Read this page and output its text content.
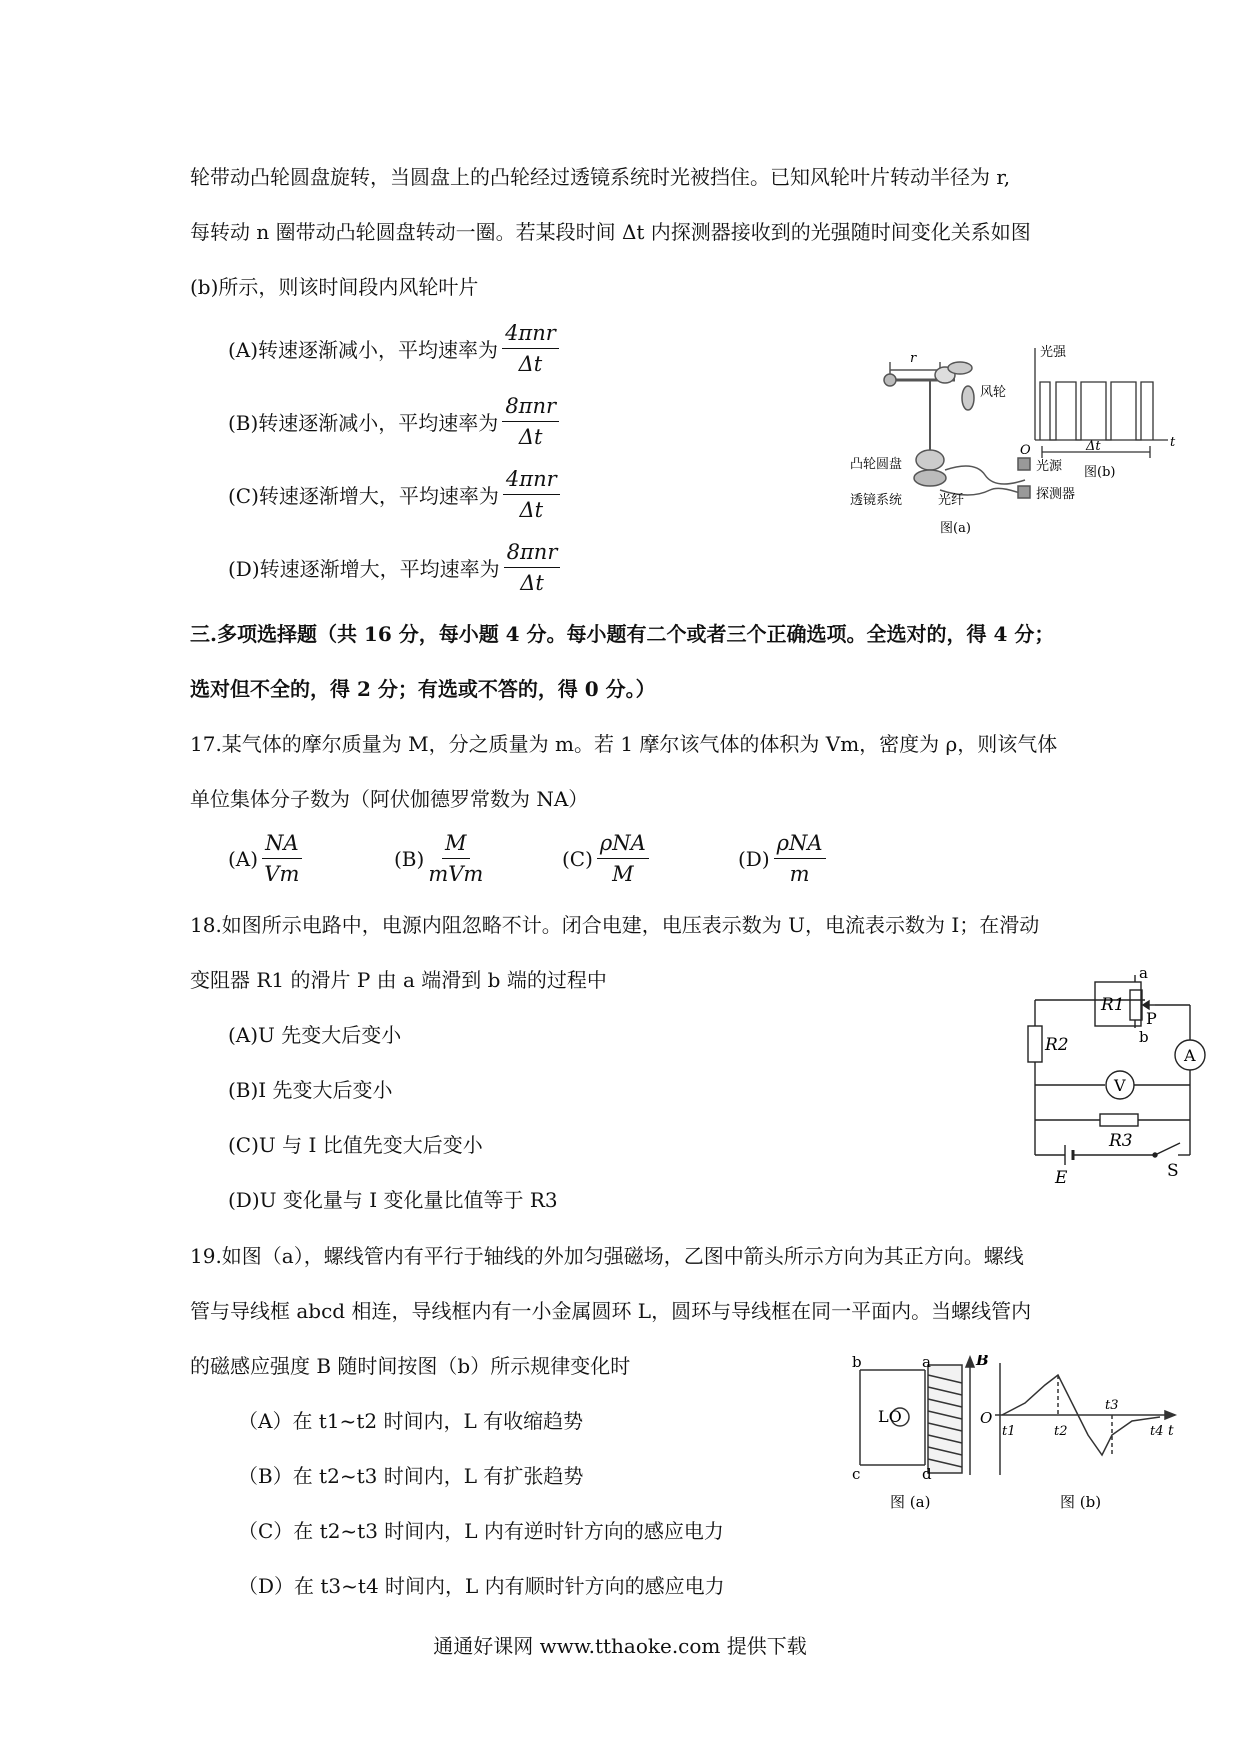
轮带动凸轮圆盘旋转，当圆盘上的凸轮经过透镜系统时光被挡住。已知风轮叶片转动半径为 r,
每转动 n 圈带动凸轮圆盘转动一圈。若某段时间 Δt 内探测器接收到的光强随时间变化关系如图
(b)所示，则该时间段内风轮叶片
(A)转速逐渐减小，平均速率为 $\frac{\text{4πnr}}{\Delta t}$
(B)转速逐渐减小，平均速率为 $\frac{\text{8πnr}}{\Delta t}$
(C)转速逐渐增大，平均速率为 $\frac{\text{4πnr}}{\Delta t}$
(D)转速逐渐增大，平均速率为 $\frac{\text{8πnr}}{\Delta t}$
r
风轮
凸轮圆盘	光源
探测器
透镜系统	光纤
图(a)
光强
O	Δt	t
图(b)
三.多项选择题（共 16 分，每小题 4 分。每小题有二个或者三个正确选项。全选对的，得 4 分；
选对但不全的，得 2 分；有选或不答的，得 0 分。）
17.某气体的摩尔质量为 M，分之质量为 m。若 1 摩尔该气体的体积为 Vm，密度为 ρ，则该气体
单位集体分子数为（阿伏伽德罗常数为 NA）
$(A) \frac{NA}{Vm}$	$(B) \frac{M}{\text{mVm}}$	$(C) \frac{\text{ρNA}}{M}$	$(D) \frac{\text{ρNA}}{m}$
18.如图所示电路中，电源内阻忽略不计。闭合电建，电压表示数为 U，电流表示数为 I；在滑动
变阻器 R1 的滑片 P 由 a 端滑到 b 端的过程中
(A)U 先变大后变小
(B)I 先变大后变小
(C)U 与 I 比值先变大后变小
(D)U 变化量与 I 变化量比值等于 R3
a
b
R1
P
R2
A
V
R3
E	S
19.如图（a），螺线管内有平行于轴线的外加匀强磁场，乙图中箭头所示方向为其正方向。螺线
管与导线框 abcd 相连，导线框内有一小金属圆环 L，圆环与导线框在同一平面内。当螺线管内
的磁感应强度 B 随时间按图（b）所示规律变化时
（A）在 t1~t2 时间内，L 有收缩趋势
（B）在 t2~t3 时间内，L 有扩张趋势
（C）在 t2~t3 时间内，L 内有逆时针方向的感应电力
（D）在 t3~t4 时间内，L 内有顺时针方向的感应电力
b	a	B
c	d
LO	O
t1	t2
t3
t4 t
图 (a)	图 (b)
通通好课网 www.tthaoke.com 提供下载
